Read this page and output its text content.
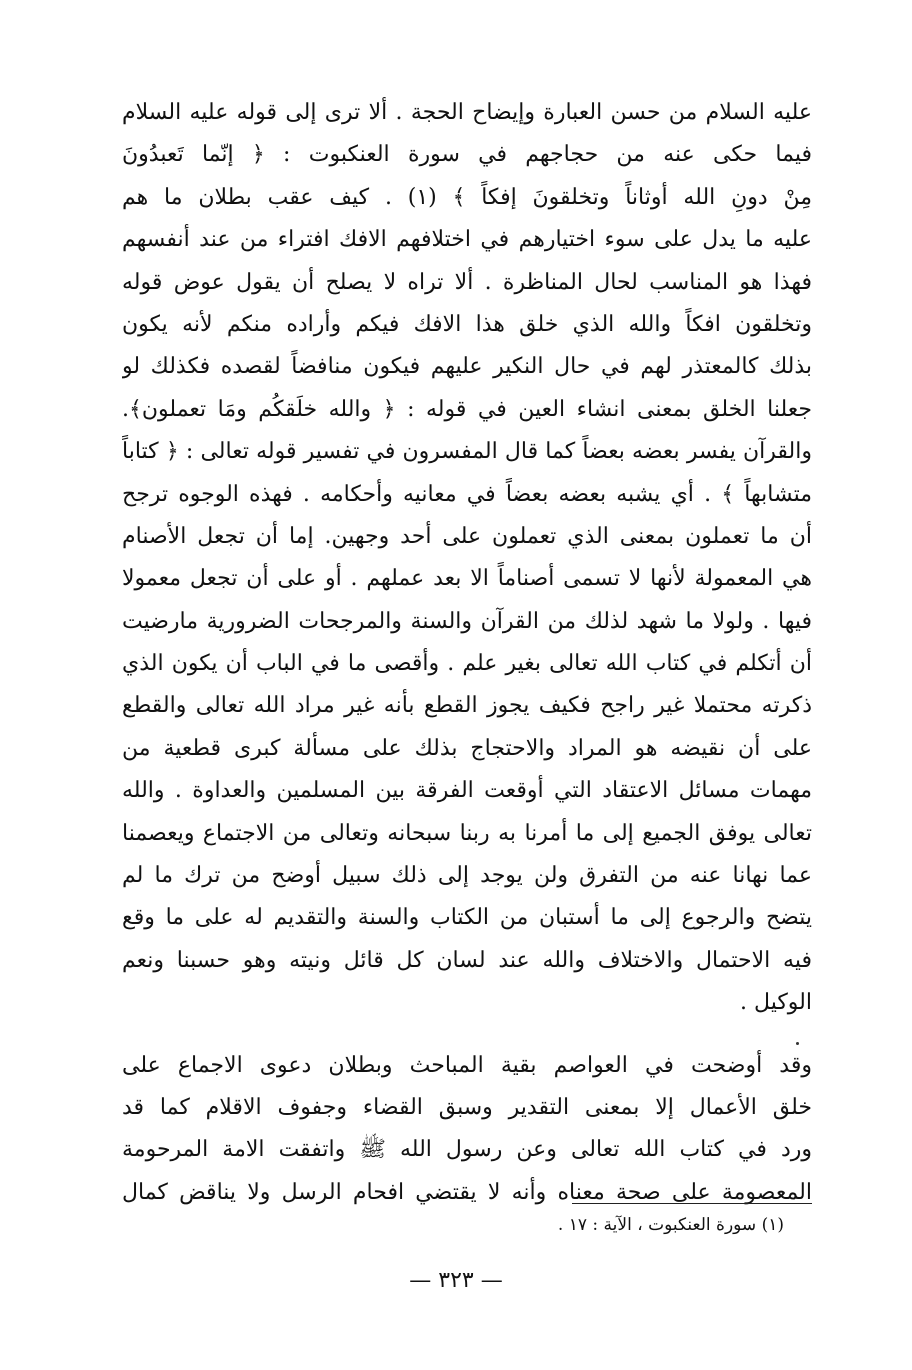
عليه السلام من حسن العبارة وإيضاح الحجة . ألا ترى إلى قوله عليه السلام
فيما حكى عنه من حجاجهم في سورة العنكبوت : ﴿ إنّما تَعبدُونَ
مِنْ دونِ الله أوثاناً وتخلقونَ إفكاً ﴾ (١) . كيف عقب بطلان ما هم
عليه ما يدل على سوء اختيارهم في اختلافهم الافك افتراء من عند أنفسهم
فهذا هو المناسب لحال المناظرة . ألا تراه لا يصلح أن يقول عوض قوله
وتخلقون افكاً والله الذي خلق هذا الافك فيكم وأراده منكم لأنه يكون
بذلك كالمعتذر لهم في حال النكير عليهم فيكون منافضاً لقصده فكذلك لو
جعلنا الخلق بمعنى انشاء العين في قوله : ﴿ والله خلَقكُم ومَا تعملون﴾.
والقرآن يفسر بعضه بعضاً كما قال المفسرون في تفسير قوله تعالى : ﴿ كتاباً
متشابهاً ﴾ . أي يشبه بعضه بعضاً في معانيه وأحكامه . فهذه الوجوه ترجح
أن ما تعملون بمعنى الذي تعملون على أحد وجهين. إما أن تجعل الأصنام
هي المعمولة لأنها لا تسمى أصناماً الا بعد عملهم . أو على أن تجعل معمولا
فيها . ولولا ما شهد لذلك من القرآن والسنة والمرجحات الضرورية مارضيت
أن أتكلم في كتاب الله تعالى بغير علم . وأقصى ما في الباب أن يكون الذي
ذكرته محتملا غير راجح فكيف يجوز القطع بأنه غير مراد الله تعالى والقطع
على أن نقيضه هو المراد والاحتجاج بذلك على مسألة كبرى قطعية من
مهمات مسائل الاعتقاد التي أوقعت الفرقة بين المسلمين والعداوة . والله
تعالى يوفق الجميع إلى ما أمرنا به ربنا سبحانه وتعالى من الاجتماع ويعصمنا
عما نهانا عنه من التفرق ولن يوجد إلى ذلك سبيل أوضح من ترك ما لم
يتضح والرجوع إلى ما أستبان من الكتاب والسنة والتقديم له على ما وقع
فيه الاحتمال والاختلاف والله عند لسان كل قائل ونيته وهو حسبنا ونعم
الوكيل .
وقد أوضحت في العواصم بقية المباحث وبطلان دعوى الاجماع على
خلق الأعمال إلا بمعنى التقدير وسبق القضاء وجفوف الاقلام كما قد
ورد في كتاب الله تعالى وعن رسول الله ﷺ واتفقت الامة المرحومة
المعصومة على صحة معناه وأنه لا يقتضي افحام الرسل ولا يناقض كمال
(١) سورة العنكبوت ، الآية : ١٧ .
— ٣٢٣ —
